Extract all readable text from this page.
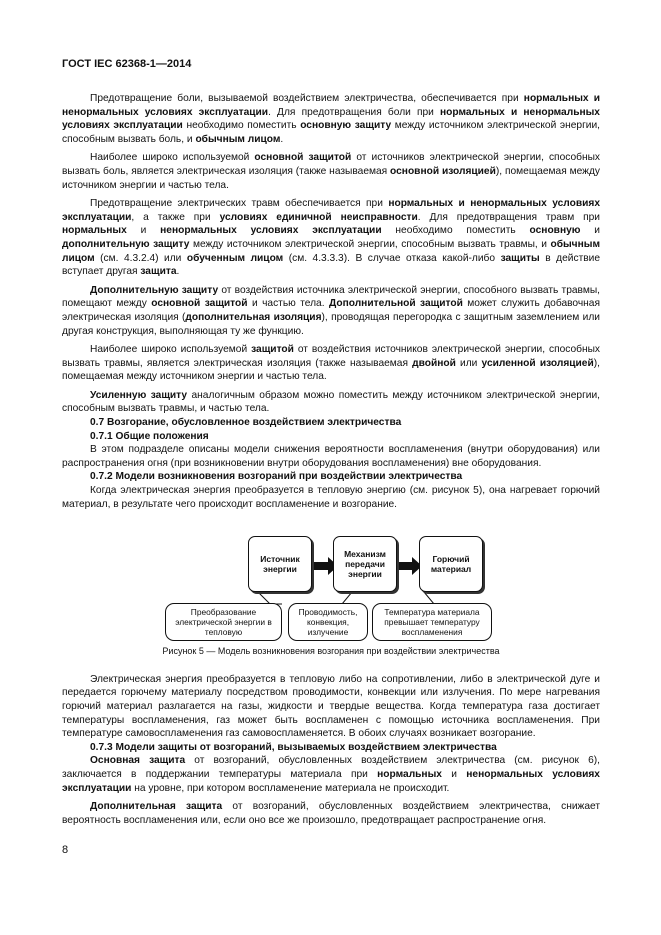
ГОСТ IEC 62368-1—2014

Предотвращение боли, вызываемой воздействием электричества, обеспечивается при нормальных и ненормальных условиях эксплуатации. Для предотвращения боли при нормальных и ненормальных условиях эксплуатации необходимо поместить основную защиту между источником электрической энергии, способным вызвать боль, и обычным лицом.

Наиболее широко используемой основной защитой от источников электрической энергии, способных вызвать боль, является электрическая изоляция (также называемая основной изоляцией), помещаемая между источником энергии и частью тела.

Предотвращение электрических травм обеспечивается при нормальных и ненормальных условиях эксплуатации, а также при условиях единичной неисправности. Для предотвращения травм при нормальных и ненормальных условиях эксплуатации необходимо поместить основную и дополнительную защиту между источником электрической энергии, способным вызвать травмы, и обычным лицом (см. 4.3.2.4) или обученным лицом (см. 4.3.3.3). В случае отказа какой-либо защиты в действие вступает другая защита.

Дополнительную защиту от воздействия источника электрической энергии, способного вызвать травмы, помещают между основной защитой и частью тела. Дополнительной защитой может служить добавочная электрическая изоляция (дополнительная изоляция), проводящая перегородка с защитным заземлением или другая конструкция, выполняющая ту же функцию.

Наиболее широко используемой защитой от воздействия источников электрической энергии, способных вызвать травмы, является электрическая изоляция (также называемая двойной или усиленной изоляцией), помещаемая между источником энергии и частью тела.

Усиленную защиту аналогичным образом можно поместить между источником электрической энергии, способным вызвать травмы, и частью тела.

0.7 Возгорание, обусловленное воздействием электричества

0.7.1 Общие положения

В этом подразделе описаны модели снижения вероятности воспламенения (внутри оборудования) или распространения огня (при возникновении внутри оборудования воспламенения) вне оборудования.

0.7.2 Модели возникновения возгораний при воздействии электричества

Когда электрическая энергия преобразуется в тепловую энергию (см. рисунок 5), она нагревает горючий материал, в результате чего происходит воспламенение и возгорание.

Источник энергии
Механизм передачи энергии
Горючий материал
Преобразование электрической энергии в тепловую
Проводимость, конвекция, излучение
Температура материала превышает температуру воспламенения
Рисунок 5 — Модель возникновения возгорания при воздействии электричества

Электрическая энергия преобразуется в тепловую либо на сопротивлении, либо в электрической дуге и передается горючему материалу посредством проводимости, конвекции или излучения. По мере нагревания горючий материал разлагается на газы, жидкости и твердые вещества. Когда температура газа достигает температуры воспламенения, газ может быть воспламенен с помощью источника воспламенения. При температуре самовоспламенения газ самовоспламеняется. В обоих случаях возникает возгорание.

0.7.3 Модели защиты от возгораний, вызываемых воздействием электричества

Основная защита от возгораний, обусловленных воздействием электричества (см. рисунок 6), заключается в поддержании температуры материала при нормальных и ненормальных условиях эксплуатации на уровне, при котором воспламенение материала не происходит.

Дополнительная защита от возгораний, обусловленных воздействием электричества, снижает вероятность воспламенения или, если оно все же произошло, предотвращает распространение огня.

8
